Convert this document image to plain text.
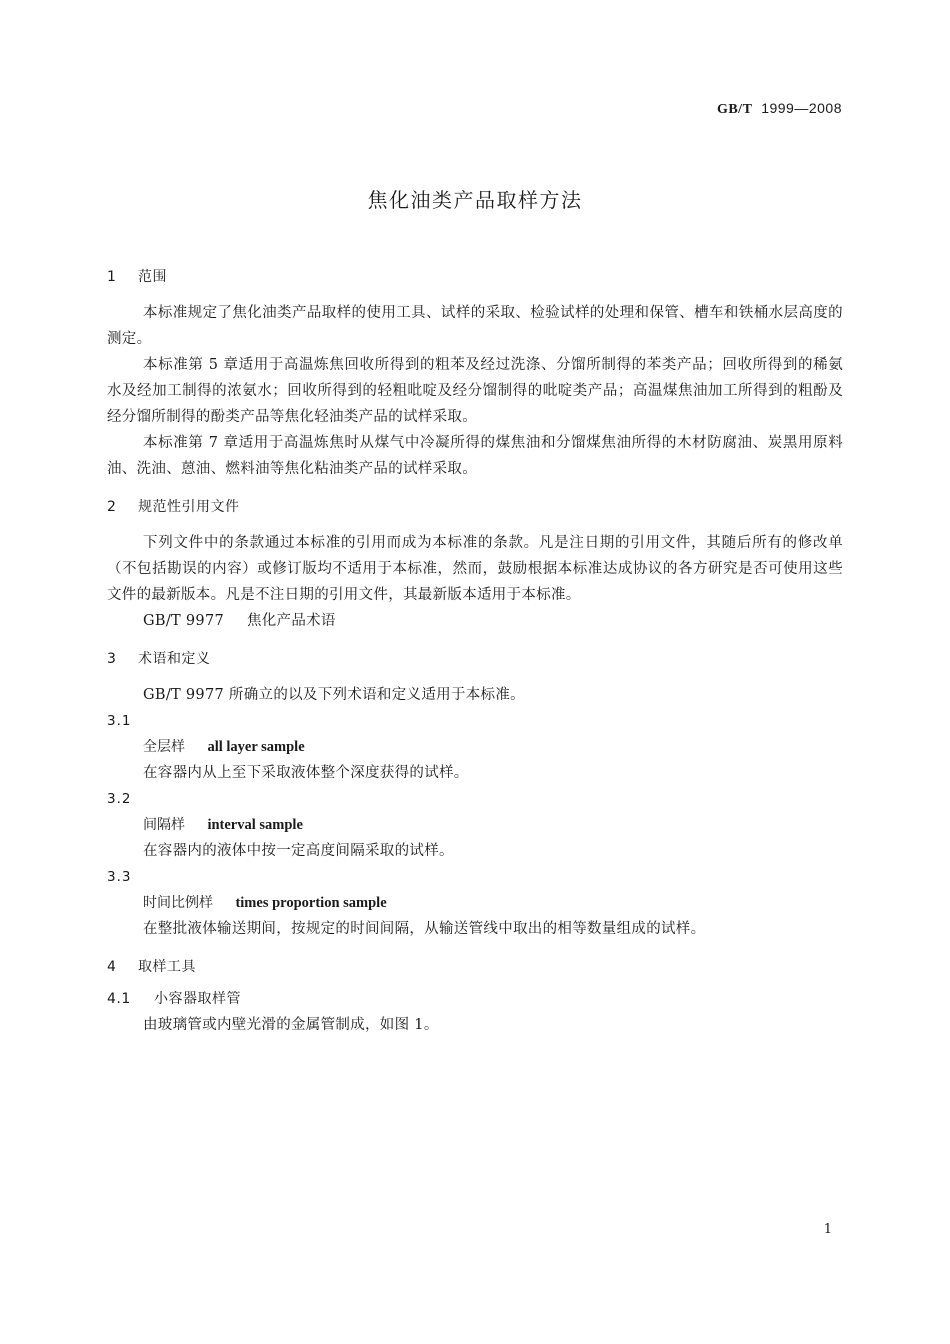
GB/T 1999—2008
焦化油类产品取样方法
1 范围

本标准规定了焦化油类产品取样的使用工具、试样的采取、检验试样的处理和保管、槽车和铁桶水层高度的测定。

本标准第 5 章适用于高温炼焦回收所得到的粗苯及经过洗涤、分馏所制得的苯类产品；回收所得到的稀氨水及经加工制得的浓氨水；回收所得到的轻粗吡啶及经分馏制得的吡啶类产品；高温煤焦油加工所得到的粗酚及经分馏所制得的酚类产品等焦化轻油类产品的试样采取。

本标准第 7 章适用于高温炼焦时从煤气中冷凝所得的煤焦油和分馏煤焦油所得的木材防腐油、炭黑用原料油、洗油、蒽油、燃料油等焦化粘油类产品的试样采取。

2 规范性引用文件

下列文件中的条款通过本标准的引用而成为本标准的条款。凡是注日期的引用文件，其随后所有的修改单（不包括勘误的内容）或修订版均不适用于本标准，然而，鼓励根据本标准达成协议的各方研究是否可使用这些文件的最新版本。凡是不注日期的引用文件，其最新版本适用于本标准。

GB/T 9977 焦化产品术语
3 术语和定义

GB/T 9977 所确立的以及下列术语和定义适用于本标准。

3.1
全层样 all layer sample
在容器内从上至下采取液体整个深度获得的试样。
3.2
间隔样 interval sample
在容器内的液体中按一定高度间隔采取的试样。
3.3
时间比例样 times proportion sample
在整批液体输送期间，按规定的时间间隔，从输送管线中取出的相等数量组成的试样。
4 取样工具
4.1 小容器取样管
由玻璃管或内壁光滑的金属管制成，如图 1。
1
